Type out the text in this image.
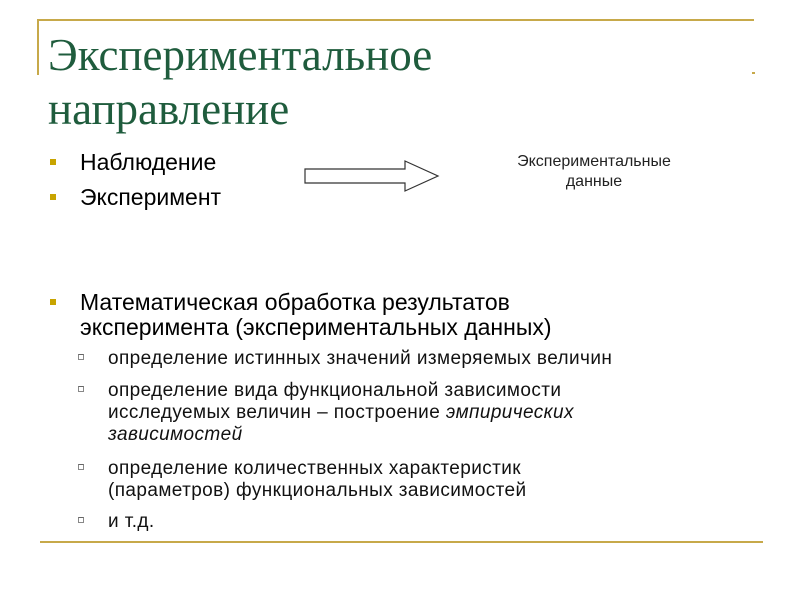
Экспериментальное
направление
Наблюдение
Эксперимент
Математическая обработка результатов
эксперимента (экспериментальных данных)
Экспериментальные
данные
определение истинных значений измеряемых величин
определение вида функциональной зависимости
исследуемых величин – построение эмпирических
зависимостей
определение количественных характеристик
(параметров) функциональных зависимостей
и т.д.
